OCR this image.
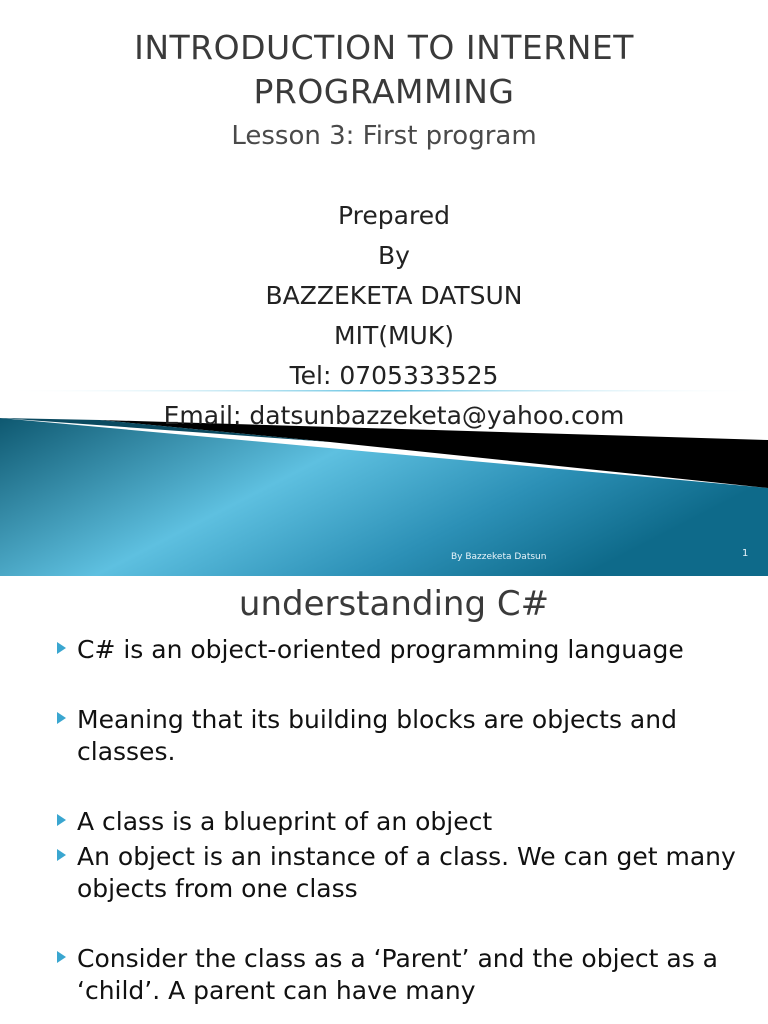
INTRODUCTION TO INTERNET
PROGRAMMING
Lesson 3: First program
Prepared
By
BAZZEKETA DATSUN
MIT(MUK)
Tel: 0705333525
Email: datsunbazzeketa@yahoo.com
By Bazzeketa Datsun	1
understanding C#
C# is an object-oriented programming language
Meaning that its building blocks are objects and classes.
A class is a blueprint of an object
An object is an instance of a class. We can get many objects from one class
Consider the class as a ‘Parent’ and the object as a ‘child’. A parent can have many
